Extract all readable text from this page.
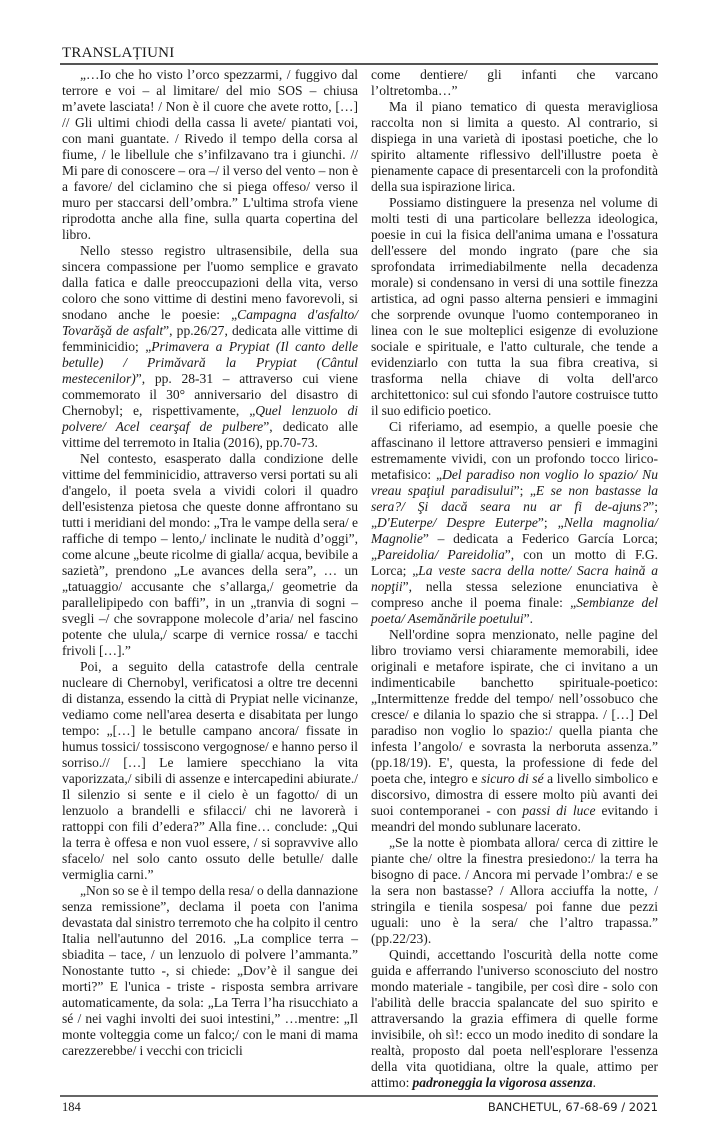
TRANSLAȚIUNI

„…Io che ho visto l’orco spezzarmi, / fuggivo dal terrore e voi – al limitare/ del mio SOS – chiusa m’avete lasciata! / Non è il cuore che avete rotto, […] // Gli ultimi chiodi della cassa li avete/ piantati voi, con mani guantate. / Rivedo il tempo della corsa al fiume, / le libellule che s’infilzavano tra i giunchi. // Mi pare di conoscere – ora –/ il verso del vento – non è a favore/ del ciclamino che si piega offeso/ verso il muro per staccarsi dell’ombra.” L'ultima strofa viene riprodotta anche alla fine, sulla quarta copertina del libro.

Nello stesso registro ultrasensibile, della sua sincera compassione per l'uomo semplice e gravato dalla fatica e dalle preoccupazioni della vita, verso coloro che sono vittime di destini meno favorevoli, si snodano anche le poesie: „Campagna d'asfalto/ Tovarăşă de asfalt”, pp.26/27, dedicata alle vittime di femminicidio; „Primavera a Prypiat (Il canto delle betulle) / Primăvară la Prypiat (Cântul mestecenilor)”, pp. 28-31 – attraverso cui viene commemorato il 30° anniversario del disastro di Chernobyl; e, rispettivamente, „Quel lenzuolo di polvere/ Acel cearşaf de pulbere”, dedicato alle vittime del terremoto in Italia (2016), pp.70-73.

Nel contesto, esasperato dalla condizione delle vittime del femminicidio, attraverso versi portati su ali d'angelo, il poeta svela a vividi colori il quadro dell'esistenza pietosa che queste donne affrontano su tutti i meridiani del mondo: „Tra le vampe della sera/ e raffiche di tempo – lento,/ inclinate le nudità d’oggi”, come alcune „beute ricolme di gialla/ acqua, bevibile a sazietà”, prendono „Le avances della sera”, … un „tatuaggio/ accusante che s’allarga,/ geometrie da parallelipipedo con baffi”, in un „tranvia di sogni – svegli –/ che sovrappone molecole d’aria/ nel fascino potente che ulula,/ scarpe di vernice rossa/ e tacchi frivoli […].”

Poi, a seguito della catastrofe della centrale nucleare di Chernobyl, verificatosi a oltre tre decenni di distanza, essendo la città di Prypiat nelle vicinanze, vediamo come nell'area deserta e disabitata per lungo tempo: „[…] le betulle campano ancora/ fissate in humus tossici/ tossiscono vergognose/ e hanno perso il sorriso.// […] Le lamiere specchiano la vita vaporizzata,/ sibili di assenze e intercapedini abiurate./ Il silenzio si sente e il cielo è un fagotto/ di un lenzuolo a brandelli e sfilacci/ chi ne lavorerà i rattoppi con fili d’edera?” Alla fine… conclude: „Qui la terra è offesa e non vuol essere, / si sopravvive allo sfacelo/ nel solo canto ossuto delle betulle/ dalle vermiglia carni.”

„Non so se è il tempo della resa/ o della dannazione senza remissione”, declama il poeta con l'anima devastata dal sinistro terremoto che ha colpito il centro Italia nell'autunno del 2016. „La complice terra – sbiadita – tace, / un lenzuolo di polvere l’ammanta.” Nonostante tutto -, si chiede: „Dov’è il sangue dei morti?” E l'unica - triste - risposta sembra arrivare automaticamente, da sola: „La Terra l’ha risucchiato a sé / nei vaghi involti dei suoi intestini,” …mentre: „Il monte volteggia come un falco;/ con le mani di mama carezzerebbe/ i vecchi con tricicli

come dentiere/ gli infanti che varcano l’oltretomba…”

Ma il piano tematico di questa meravigliosa raccolta non si limita a questo. Al contrario, si dispiega in una varietà di ipostasi poetiche, che lo spirito altamente riflessivo dell'illustre poeta è pienamente capace di presentarceli con la profondità della sua ispirazione lirica.

Possiamo distinguere la presenza nel volume di molti testi di una particolare bellezza ideologica, poesie in cui la fisica dell'anima umana e l'ossatura dell'essere del mondo ingrato (pare che sia sprofondata irrimediabilmente nella decadenza morale) si condensano in versi di una sottile finezza artistica, ad ogni passo alterna pensieri e immagini che sorprende ovunque l'uomo contemporaneo in linea con le sue molteplici esigenze di evoluzione sociale e spirituale, e l'atto culturale, che tende a evidenziarlo con tutta la sua fibra creativa, si trasforma nella chiave di volta dell'arco architettonico: sul cui sfondo l'autore costruisce tutto il suo edificio poetico.

Ci riferiamo, ad esempio, a quelle poesie che affascinano il lettore attraverso pensieri e immagini estremamente vividi, con un profondo tocco lirico-metafisico: „Del paradiso non voglio lo spazio/ Nu vreau spaţiul paradisului”; „E se non bastasse la sera?/ Şi dacă seara nu ar fi de-ajuns?”; „D'Euterpe/ Despre Euterpe”; „Nella magnolia/ Magnolie” – dedicata a Federico García Lorca; „Pareidolia/ Pareidolia”, con un motto di F.G. Lorca; „La veste sacra della notte/ Sacra haină a nopţii”, nella stessa selezione enunciativa è compreso anche il poema finale: „Sembianze del poeta/ Asemănările poetului”.

Nell'ordine sopra menzionato, nelle pagine del libro troviamo versi chiaramente memorabili, idee originali e metafore ispirate, che ci invitano a un indimenticabile banchetto spirituale-poetico: „Intermittenze fredde del tempo/ nell’ossobuco che cresce/ e dilania lo spazio che si strappa. / […] Del paradiso non voglio lo spazio:/ quella pianta che infesta l’angolo/ e sovrasta la nerboruta assenza.” (pp.18/19). E', questa, la professione di fede del poeta che, integro e sicuro di sé a livello simbolico e discorsivo, dimostra di essere molto più avanti dei suoi contemporanei - con passi di luce evitando i meandri del mondo sublunare lacerato.

„Se la notte è piombata allora/ cerca di zittire le piante che/ oltre la finestra presiedono:/ la terra ha bisogno di pace. / Ancora mi pervade l’ombra:/ e se la sera non bastasse? / Allora acciuffa la notte, / stringila e tienila sospesa/ poi fanne due pezzi uguali: uno è la sera/ che l’altro trapassa.” (pp.22/23).

Quindi, accettando l'oscurità della notte come guida e afferrando l'universo sconosciuto del nostro mondo materiale - tangibile, per così dire - solo con l'abilità delle braccia spalancate del suo spirito e attraversando la grazia effimera di quelle forme invisibile, oh sì!: ecco un modo inedito di sondare la realtà, proposto dal poeta nell'esplorare l'essenza della vita quotidiana, oltre la quale, attimo per attimo: padroneggia la vigorosa assenza.

184	BANCHETUL, 67-68-69 / 2021
